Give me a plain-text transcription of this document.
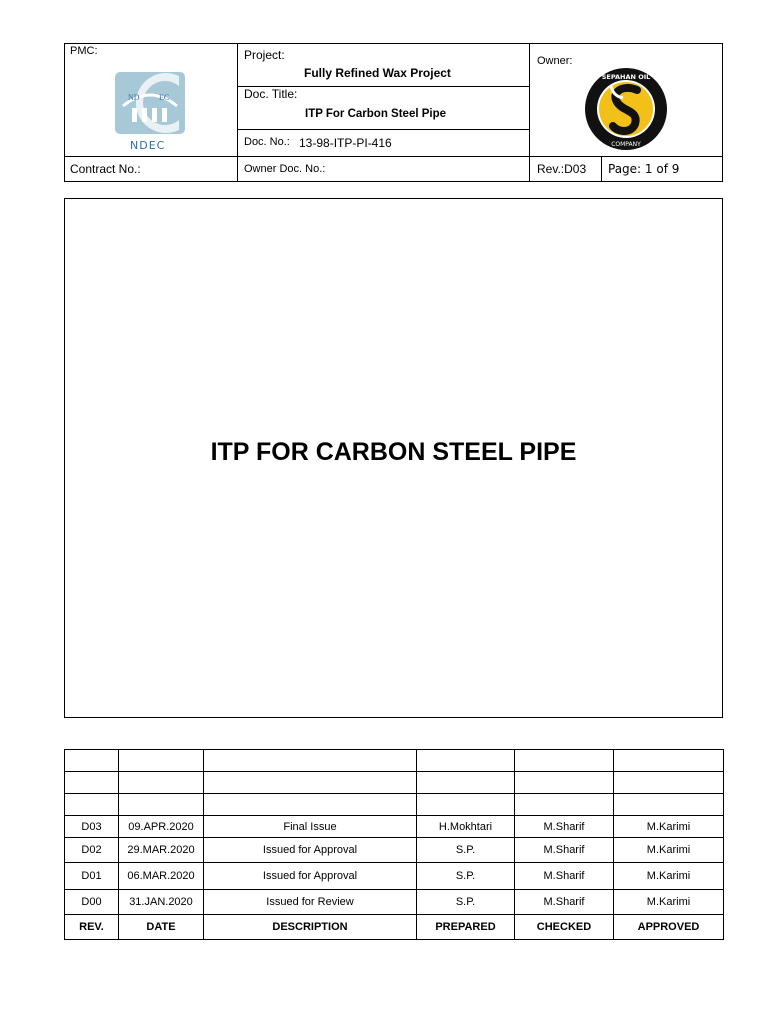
PMC:
ND EC
NDEC
Project:
Fully Refined Wax Project
Doc. Title:
ITP For Carbon Steel Pipe
Doc. No.: 13-98-ITP-PI-416
Owner:
SEPAHAN OIL
COMPANY
Contract No.:	Owner Doc. No.:	Rev.:D03 Page: 1 of 9
ITP FOR CARBON STEEL PIPE

D03	09.APR.2020	Final Issue	H.Mokhtari	M.Sharif	M.Karimi
D02	29.MAR.2020	Issued for Approval	S.P.	M.Sharif	M.Karimi
D01	06.MAR.2020	Issued for Approval	S.P.	M.Sharif	M.Karimi
D00	31.JAN.2020	Issued for Review	S.P.	M.Sharif	M.Karimi
REV.	DATE	DESCRIPTION	PREPARED	CHECKED	APPROVED
